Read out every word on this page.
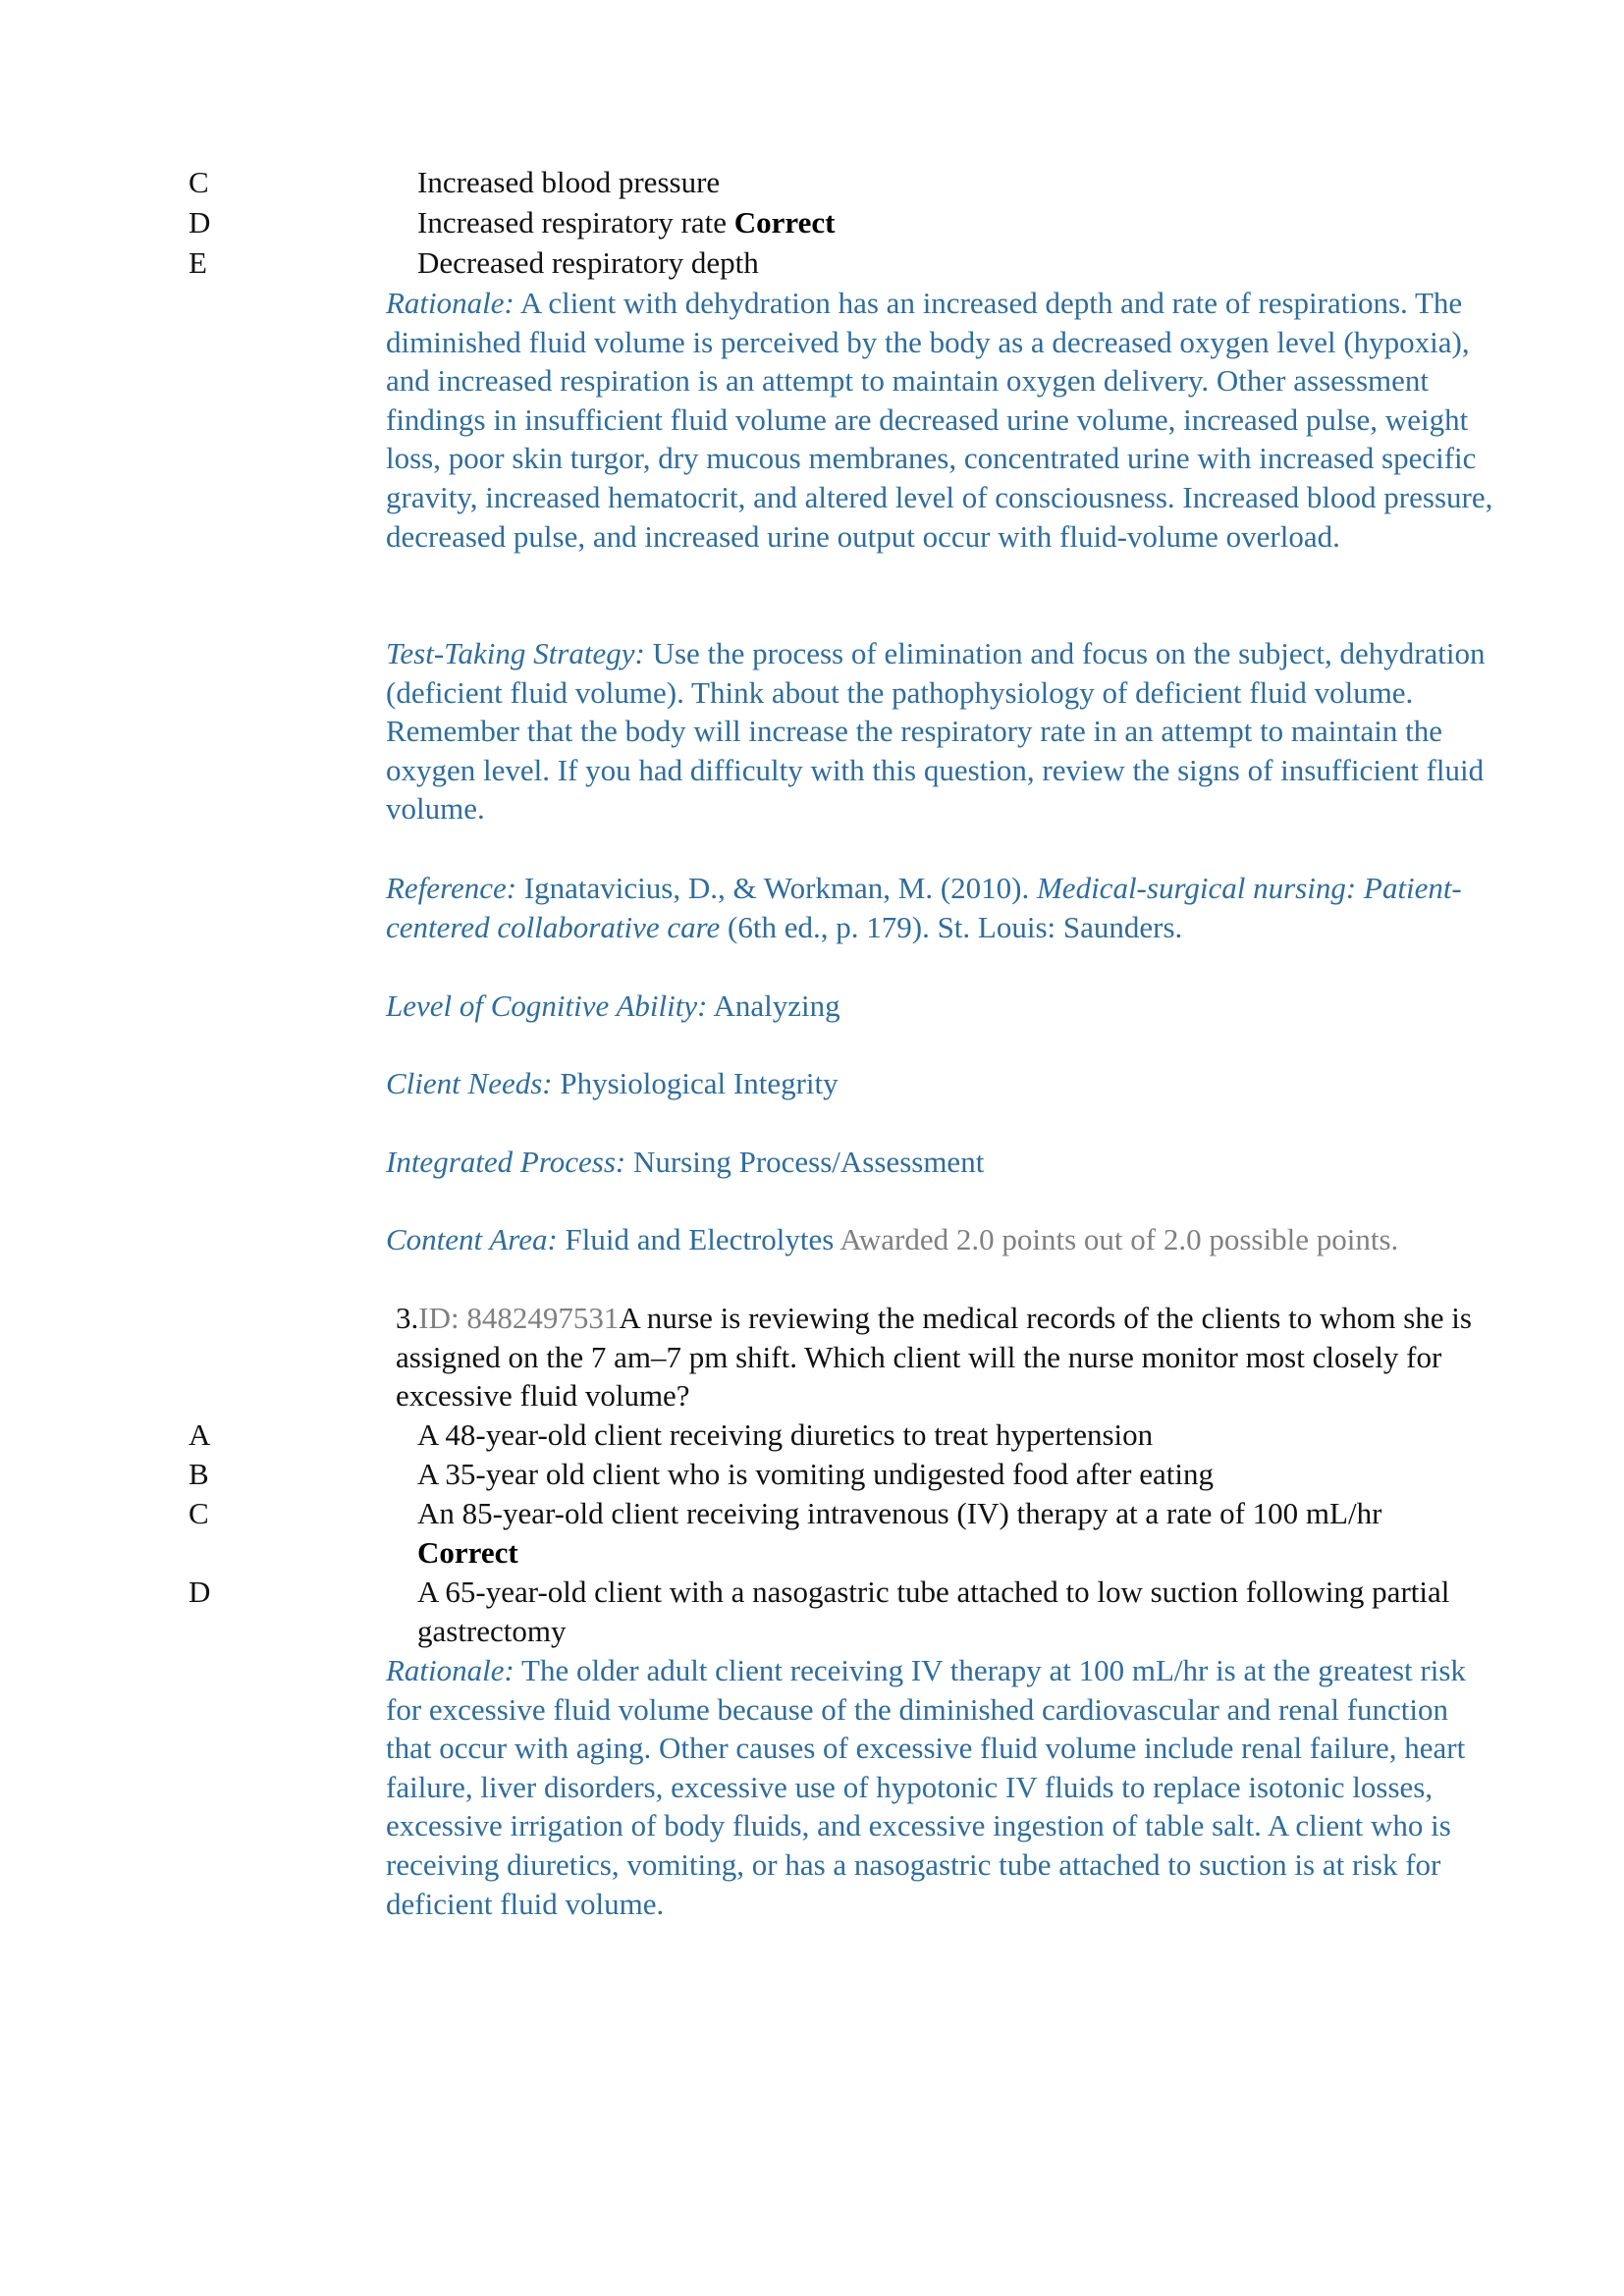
C	Increased blood pressure
D	Increased respiratory rate Correct
E	Decreased respiratory depth
Rationale: A client with dehydration has an increased depth and rate of respirations. The diminished fluid volume is perceived by the body as a decreased oxygen level (hypoxia), and increased respiration is an attempt to maintain oxygen delivery. Other assessment findings in insufficient fluid volume are decreased urine volume, increased pulse, weight loss, poor skin turgor, dry mucous membranes, concentrated urine with increased specific gravity, increased hematocrit, and altered level of consciousness. Increased blood pressure, decreased pulse, and increased urine output occur with fluid-volume overload.
Test-Taking Strategy: Use the process of elimination and focus on the subject, dehydration (deficient fluid volume). Think about the pathophysiology of deficient fluid volume. Remember that the body will increase the respiratory rate in an attempt to maintain the oxygen level. If you had difficulty with this question, review the signs of insufficient fluid volume.
Reference: Ignatavicius, D., & Workman, M. (2010). Medical-surgical nursing: Patient-centered collaborative care (6th ed., p. 179). St. Louis: Saunders.
Level of Cognitive Ability: Analyzing
Client Needs: Physiological Integrity
Integrated Process: Nursing Process/Assessment
Content Area: Fluid and Electrolytes Awarded 2.0 points out of 2.0 possible points.
3.ID: 8482497531A nurse is reviewing the medical records of the clients to whom she is assigned on the 7 am–7 pm shift. Which client will the nurse monitor most closely for excessive fluid volume?
A	A 48-year-old client receiving diuretics to treat hypertension
B	A 35-year old client who is vomiting undigested food after eating
C	An 85-year-old client receiving intravenous (IV) therapy at a rate of 100 mL/hr Correct
D	A 65-year-old client with a nasogastric tube attached to low suction following partial gastrectomy
Rationale: The older adult client receiving IV therapy at 100 mL/hr is at the greatest risk for excessive fluid volume because of the diminished cardiovascular and renal function that occur with aging. Other causes of excessive fluid volume include renal failure, heart failure, liver disorders, excessive use of hypotonic IV fluids to replace isotonic losses, excessive irrigation of body fluids, and excessive ingestion of table salt. A client who is receiving diuretics, vomiting, or has a nasogastric tube attached to suction is at risk for deficient fluid volume.
